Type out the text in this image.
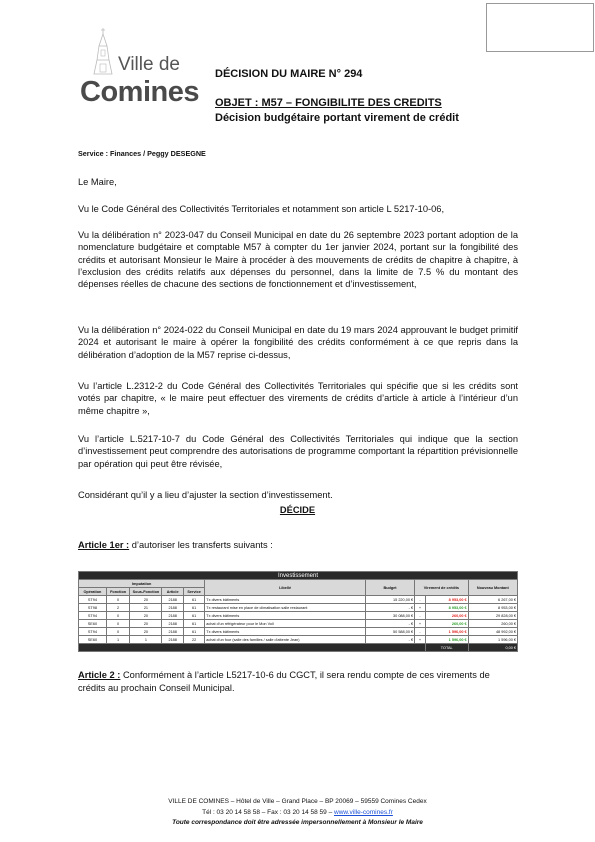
Ville de
Comines
DÉCISION DU MAIRE N° 294
OBJET : M57 – FONGIBILITE DES CREDITS
Décision budgétaire portant virement de crédit
Service : Finances / Peggy DESEGNE
Le Maire,
Vu le Code Général des Collectivités Territoriales et notamment son article L 5217-10-06,
Vu la délibération n° 2023-047 du Conseil Municipal en date du 26 septembre 2023 portant adoption de la nomenclature budgétaire et comptable M57 à compter du 1er janvier 2024, portant sur la fongibilité des crédits et autorisant Monsieur le Maire à procéder à des mouvements de crédits de chapitre à chapitre, à l’exclusion des crédits relatifs aux dépenses du personnel, dans la limite de 7.5 % du montant des dépenses réelles de chacune des sections de fonctionnement et d’investissement,
Vu la délibération n° 2024-022 du Conseil Municipal en date du 19 mars 2024 approuvant le budget primitif 2024 et autorisant le maire à opérer la fongibilité des crédits conformément à ce que repris dans la délibération d’adoption de la M57 reprise ci-dessus,
Vu l’article L.2312-2 du Code Général des Collectivités Territoriales qui spécifie que si les crédits sont votés par chapitre, « le maire peut effectuer des virements de crédits d’article à article à l’intérieur d’un même chapitre »,
Vu l’article L.5217-10-7 du Code Général des Collectivités Territoriales qui indique que la section d’investissement peut comprendre des autorisations de programme comportant la répartition prévisionnelle par opération qui peut être révisée,
Considérant qu’il y a lieu d’ajuster la section d’investissement.
DÉCIDE
Article 1er : d’autoriser les transferts suivants :
Investissement									
Imputation					Libellé	Budget	Virement de crédits		Nouveau Montant
Opération	Fonction	Sous-Fonction	Article	Service					
ST94	0	20	2188	61	Tx divers bâtiments	15 220,00 €	-	8 953,00 €	6 267,00 €
ST98	2	21	2188	61	Tx restaurant mise en place de climatisation salle restaurant	- €	+	8 953,00 €	8 953,00 €
ST94	0	20	2188	61	Tx divers bâtiments	30 088,00 €	-	260,00 €	29 828,00 €
SE60	0	20	2188	61	achat d'un réfrigérateur pour le Mon Voll	- €	+	260,00 €	260,00 €
ST94	0	20	2188	61	Tx divers bâtiments	50 588,00 €	-	1 596,00 €	48 992,00 €
SE60	1	1	2188	22	achat d'un four (salle des familles / salle d'attente Jean)	- €	+	1 596,00 €	1 596,00 €
								TOTAL	0,00 €
Article 2 : Conformément à l’article L5217-10-6 du CGCT, il sera rendu compte de ces virements de crédits au prochain Conseil Municipal.
VILLE DE COMINES – Hôtel de Ville – Grand Place – BP 20069 – 59559 Comines Cedex
Tél : 03 20 14 58 58 – Fax : 03 20 14 58 59 – www.ville-comines.fr
Toute correspondance doit être adressée impersonnellement à Monsieur le Maire
